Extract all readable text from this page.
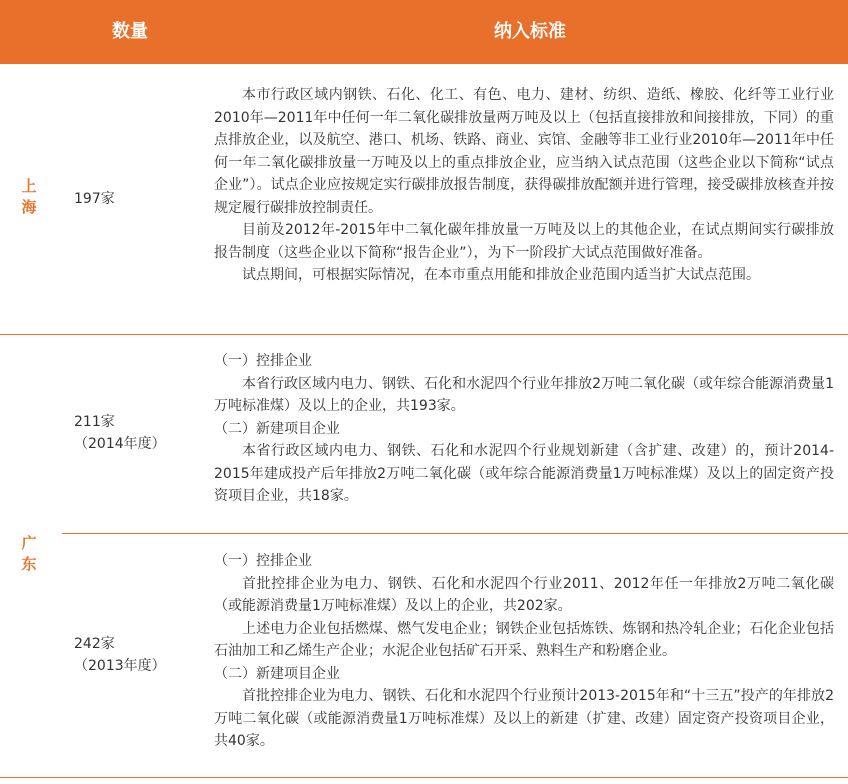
数量	纳入标准
上
海	197家

本市行政区域内钢铁、石化、化工、有色、电力、建材、纺织、造纸、橡胶、化纤等工业行业2010年—2011年中任何一年二氧化碳排放量两万吨及以上（包括直接排放和间接排放，下同）的重点排放企业，以及航空、港口、机场、铁路、商业、宾馆、金融等非工业行业2010年—2011年中任何一年二氧化碳排放量一万吨及以上的重点排放企业，应当纳入试点范围（这些企业以下简称“试点企业”）。试点企业应按规定实行碳排放报告制度，获得碳排放配额并进行管理，接受碳排放核查并按规定履行碳排放控制责任。

目前及2012年-2015年中二氧化碳年排放量一万吨及以上的其他企业，在试点期间实行碳排放报告制度（这些企业以下简称“报告企业”），为下一阶段扩大试点范围做好准备。

试点期间，可根据实际情况，在本市重点用能和排放企业范围内适当扩大试点范围。

广
东
211家
（2014年度）

（一）控排企业

本省行政区域内电力、钢铁、石化和水泥四个行业年排放2万吨二氧化碳（或年综合能源消费量1万吨标准煤）及以上的企业，共193家。

（二）新建项目企业

本省行政区域内电力、钢铁、石化和水泥四个行业规划新建（含扩建、改建）的，预计2014-2015年建成投产后年排放2万吨二氧化碳（或年综合能源消费量1万吨标准煤）及以上的固定资产投资项目企业，共18家。

242家
（2013年度）

（一）控排企业

首批控排企业为电力、钢铁、石化和水泥四个行业2011、2012年任一年排放2万吨二氧化碳（或能源消费量1万吨标准煤）及以上的企业，共202家。

上述电力企业包括燃煤、燃气发电企业；钢铁企业包括炼铁、炼钢和热冷轧企业；石化企业包括石油加工和乙烯生产企业；水泥企业包括矿石开采、熟料生产和粉磨企业。

（二）新建项目企业

首批控排企业为电力、钢铁、石化和水泥四个行业预计2013-2015年和“十三五”投产的年排放2万吨二氧化碳（或能源消费量1万吨标准煤）及以上的新建（扩建、改建）固定资产投资项目企业，共40家。
